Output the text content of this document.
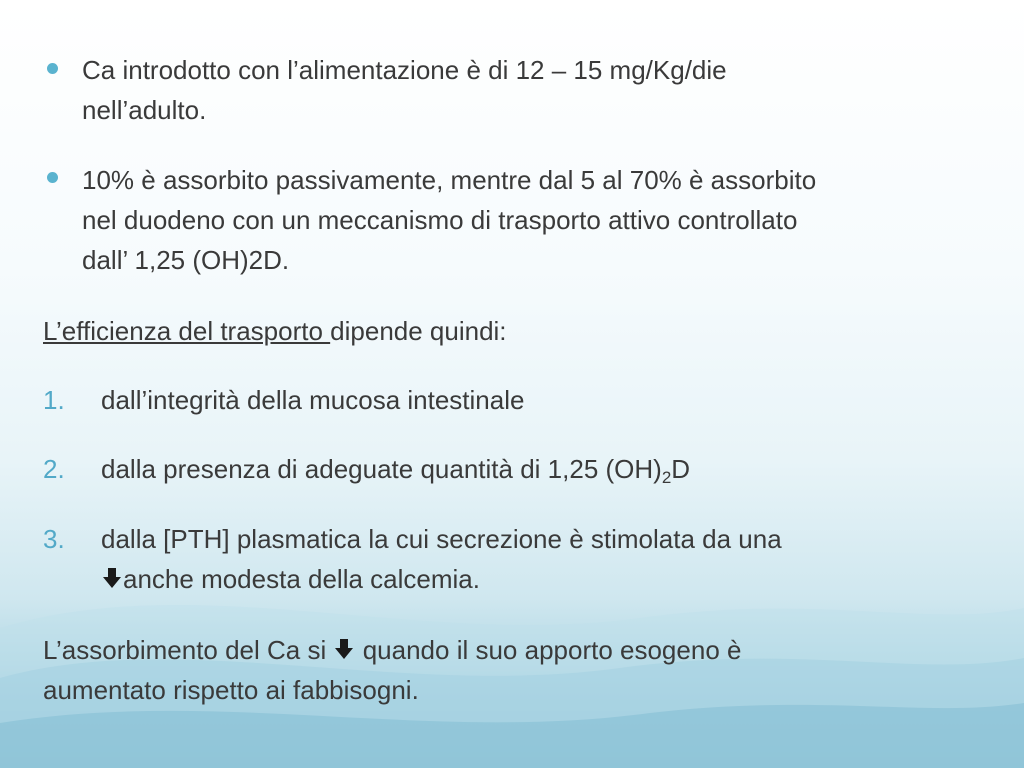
Ca introdotto con l’alimentazione è di 12 – 15 mg/Kg/die
nell’adulto.
10% è assorbito passivamente, mentre dal 5 al 70% è assorbito
nel duodeno con un meccanismo di trasporto attivo controllato
dall’ 1,25 (OH)2D.
L’efficienza del trasporto dipende quindi:
1. dall’integrità della mucosa intestinale
2. dalla presenza di adeguate quantità di 1,25 $(OH)_2D$
3. dalla [PTH] plasmatica la cui secrezione è stimolata da una
anche modesta della calcemia.
L’assorbimento del Ca si  quando il suo apporto esogeno è
aumentato rispetto ai fabbisogni.
